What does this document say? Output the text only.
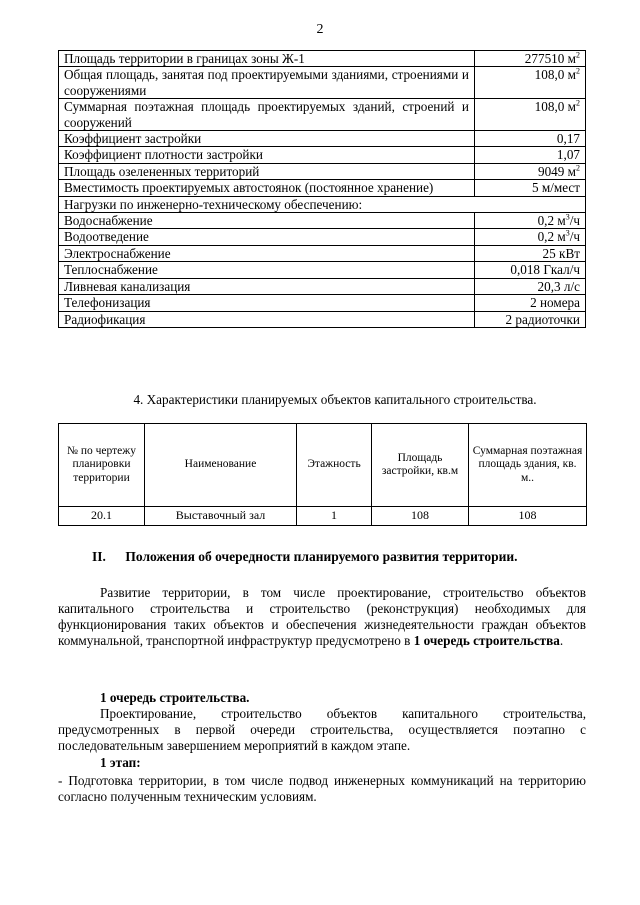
2
Площадь территории в границах зоны Ж-1	277510 $м^2$
Общая площадь, занятая под проектируемыми зданиями, строениями и сооружениями	108,0 $м^2$
Суммарная поэтажная площадь проектируемых зданий, строений и сооружений	108,0 $м^2$
Коэффициент застройки	0,17
Коэффициент плотности застройки	1,07
Площадь озелененных территорий	9049 $м^2$
Вместимость проектируемых автостоянок (постоянное хранение)	5 м/мест
Нагрузки по инженерно-техническому обеспечению:	
Водоснабжение	0,2 $м^3/ч$
Водоотведение	0,2 $м^3/ч$
Электроснабжение	25 кВт
Теплоснабжение	0,018 Гкал/ч
Ливневая канализация	20,3 л/с
Телефонизация	2 номера
Радиофикация	2 радиоточки
4. Характеристики планируемых объектов капитального строительства.
№ по чертежу планировки территории	Наименование	Этажность	Площадь застройки, кв.м	Суммарная поэтажная площадь здания, кв. м..
20.1	Выставочный зал	1	108	108
II. Положения об очередности планируемого развития территории.

Развитие территории, в том числе проектирование, строительство объектов капитального строительства и строительство (реконструкция) необходимых для функционирования таких объектов и обеспечения жизнедеятельности граждан объектов коммунальной, транспортной инфраструктур предусмотрено в 1 очередь строительства.

1 очередь строительства.

Проектирование, строительство объектов капитального строительства, предусмотренных в первой очереди строительства, осуществляется поэтапно с последовательным завершением мероприятий в каждом этапе.

1 этап:

- Подготовка территории, в том числе подвод инженерных коммуникаций на территорию согласно полученным техническим условиям.
